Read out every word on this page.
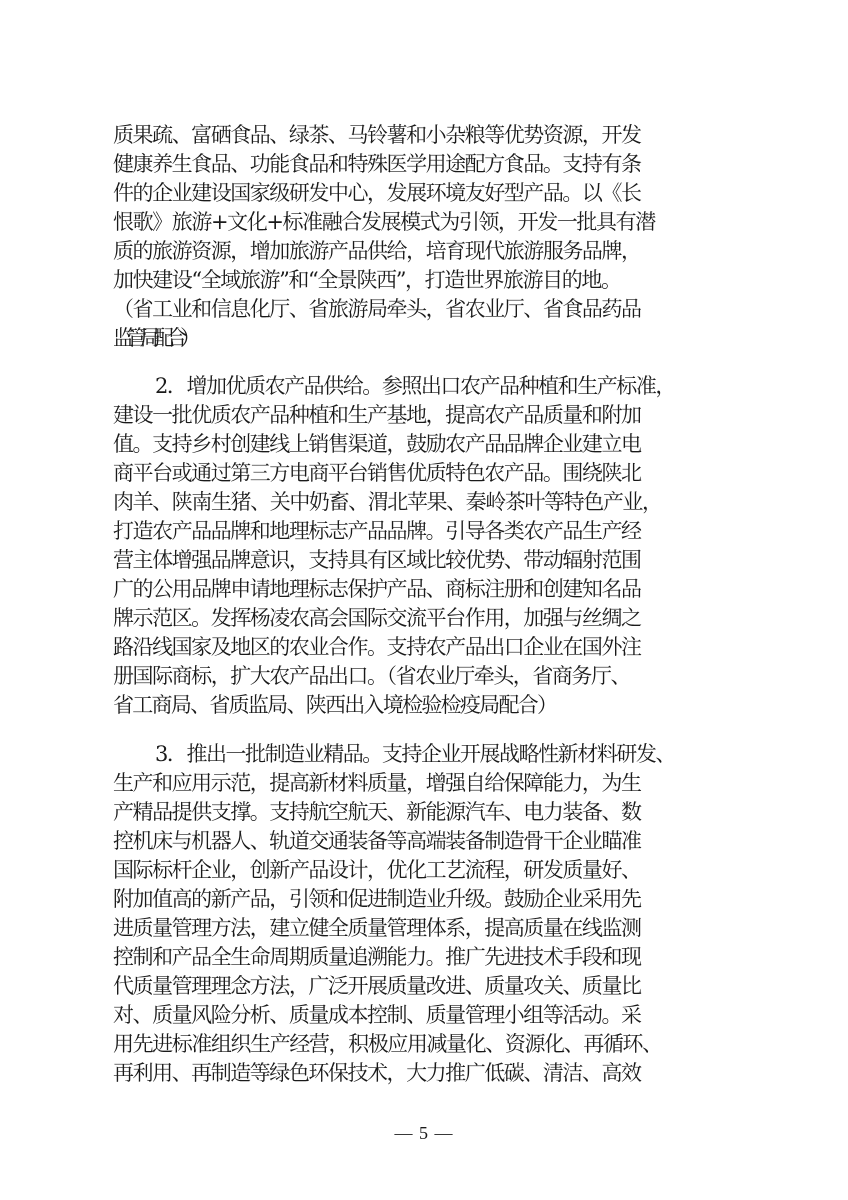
质果疏、富硒食品、绿茶、马铃薯和小杂粮等优势资源，开发
健康养生食品、功能食品和特殊医学用途配方食品。支持有条
件的企业建设国家级研发中心，发展环境友好型产品。以《长
恨歌》旅游+文化+标准融合发展模式为引领，开发一批具有潜
质的旅游资源，增加旅游产品供给，培育现代旅游服务品牌，
加快建设“全域旅游”和“全景陕西”，打造世界旅游目的地。
（省工业和信息化厅、省旅游局牵头，省农业厅、省食品药品
监管局配合）
2．增加优质农产品供给。参照出口农产品种植和生产标准，
建设一批优质农产品种植和生产基地，提高农产品质量和附加
值。支持乡村创建线上销售渠道，鼓励农产品品牌企业建立电
商平台或通过第三方电商平台销售优质特色农产品。围绕陕北
肉羊、陕南生猪、关中奶畜、渭北苹果、秦岭茶叶等特色产业，
打造农产品品牌和地理标志产品品牌。引导各类农产品生产经
营主体增强品牌意识，支持具有区域比较优势、带动辐射范围
广的公用品牌申请地理标志保护产品、商标注册和创建知名品
牌示范区。发挥杨凌农高会国际交流平台作用，加强与丝绸之
路沿线国家及地区的农业合作。支持农产品出口企业在国外注
册国际商标，扩大农产品出口。（省农业厅牵头，省商务厅、
省工商局、省质监局、陕西出入境检验检疫局配合）
3．推出一批制造业精品。支持企业开展战略性新材料研发、
生产和应用示范，提高新材料质量，增强自给保障能力，为生
产精品提供支撑。支持航空航天、新能源汽车、电力装备、数
控机床与机器人、轨道交通装备等高端装备制造骨干企业瞄准
国际标杆企业，创新产品设计，优化工艺流程，研发质量好、
附加值高的新产品，引领和促进制造业升级。鼓励企业采用先
进质量管理方法，建立健全质量管理体系，提高质量在线监测
控制和产品全生命周期质量追溯能力。推广先进技术手段和现
代质量管理理念方法，广泛开展质量改进、质量攻关、质量比
对、质量风险分析、质量成本控制、质量管理小组等活动。采
用先进标准组织生产经营，积极应用减量化、资源化、再循环、
再利用、再制造等绿色环保技术，大力推广低碳、清洁、高效
— 5 —
